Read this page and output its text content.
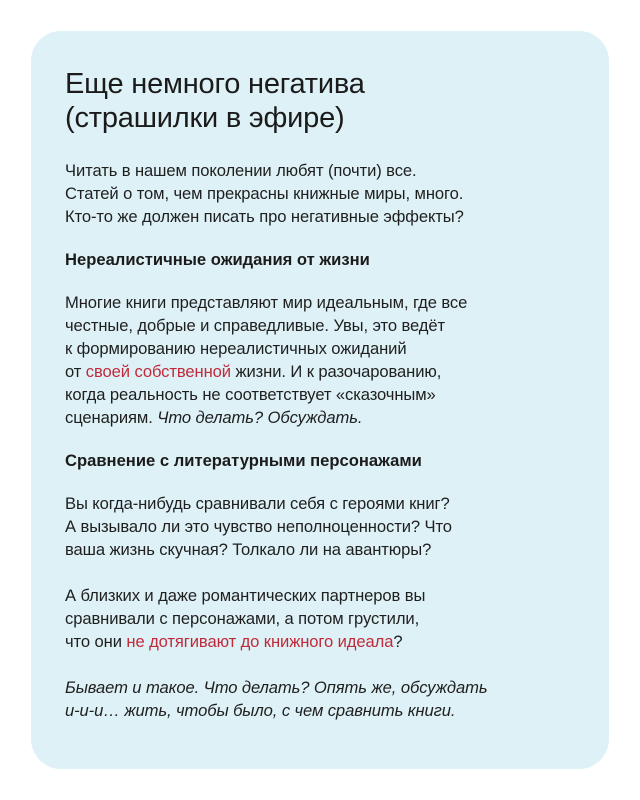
Еще немного негатива
(страшилки в эфире)

Читать в нашем поколении любят (почти) все.
Статей о том, чем прекрасны книжные миры, много.
Кто-то же должен писать про негативные эффекты?

Нереалистичные ожидания от жизни

Многие книги представляют мир идеальным, где все
честные, добрые и справедливые. Увы, это ведёт
к формированию нереалистичных ожиданий
от своей собственной жизни. И к разочарованию,
когда реальность не соответствует «сказочным»
сценариям. Что делать? Обсуждать.

Сравнение с литературными персонажами

Вы когда-нибудь сравнивали себя с героями книг?
А вызывало ли это чувство неполноценности? Что
ваша жизнь скучная? Толкало ли на авантюры?

А близких и даже романтических партнеров вы
сравнивали с персонажами, а потом грустили,
что они не дотягивают до книжного идеала?

Бывает и такое. Что делать? Опять же, обсуждать
и-и-и… жить, чтобы было, с чем сравнить книги.
